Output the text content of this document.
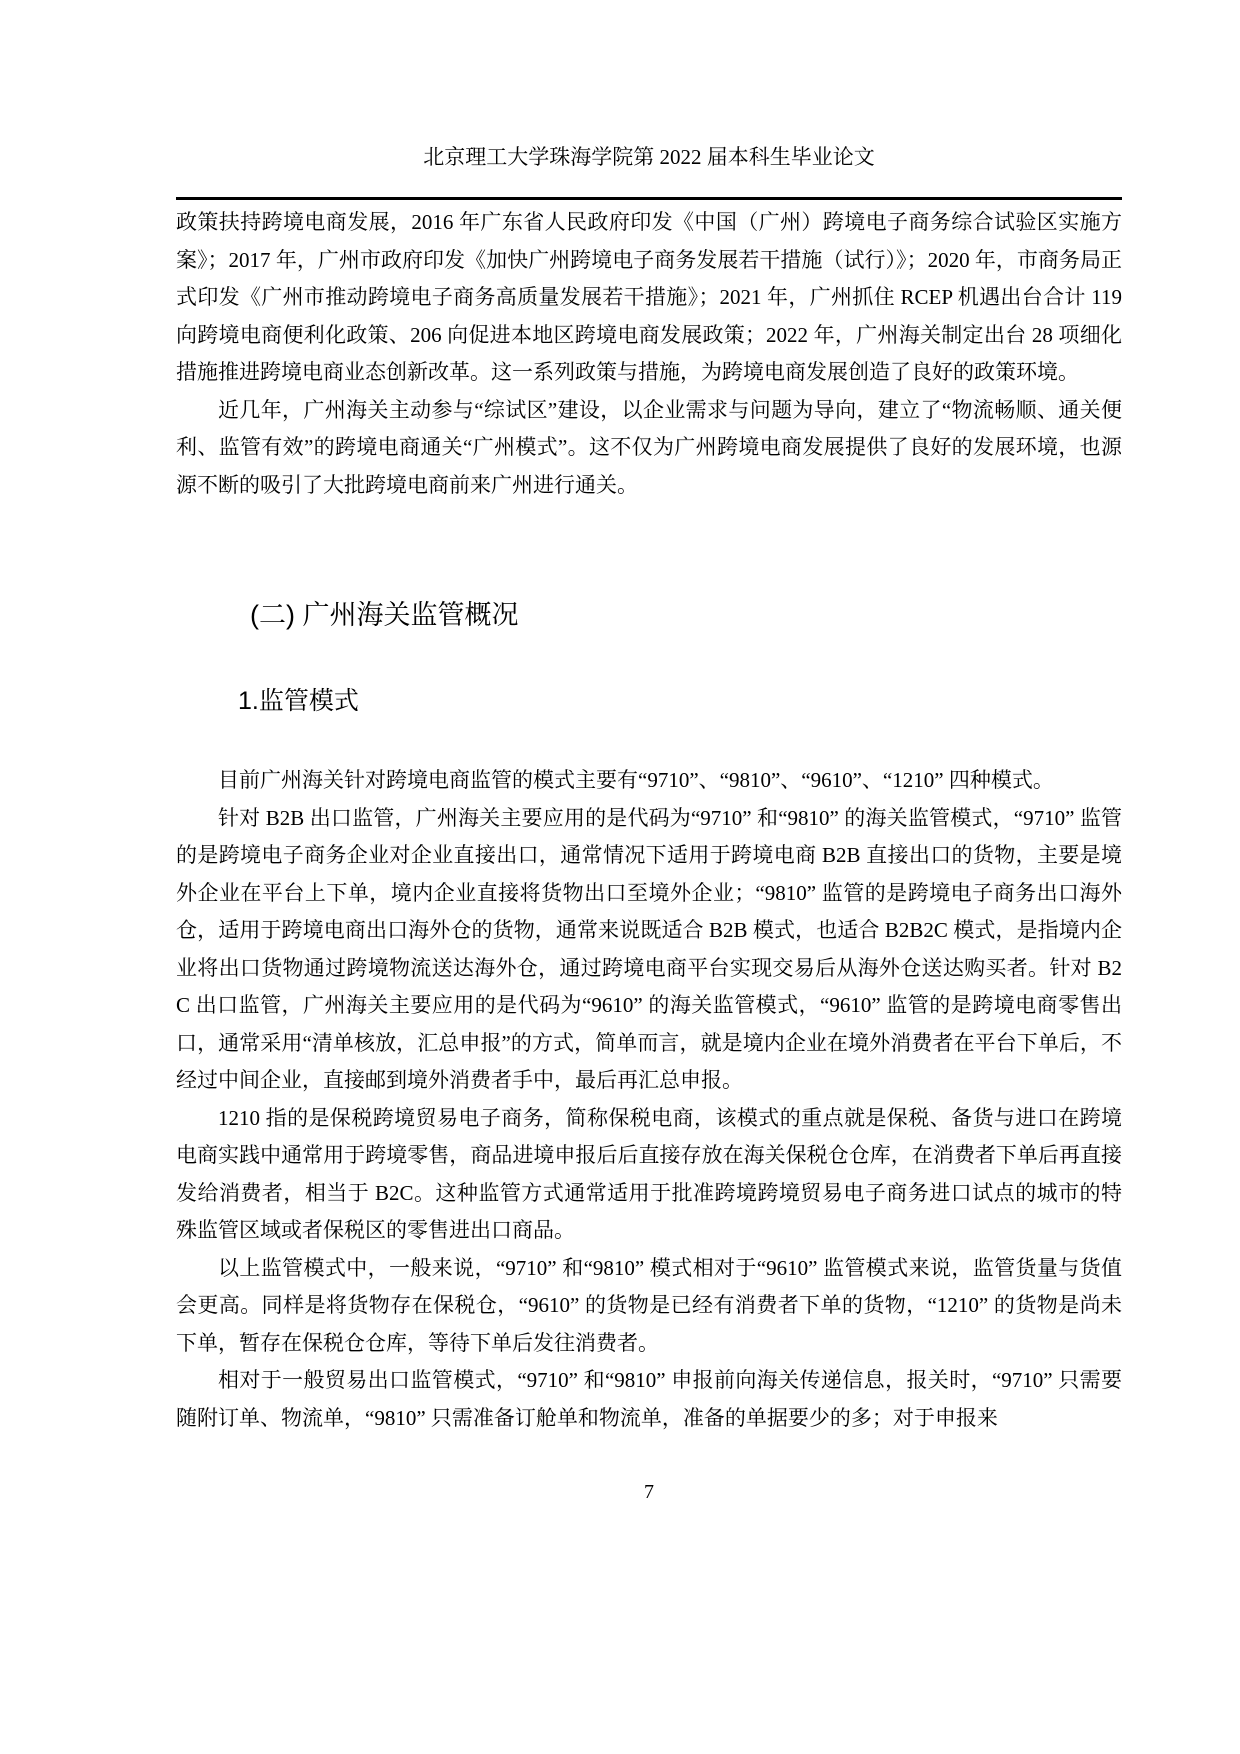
北京理工大学珠海学院第 2022 届本科生毕业论文

政策扶持跨境电商发展，2016 年广东省人民政府印发《中国（广州）跨境电子商务综合试验区实施方案》；2017 年，广州市政府印发《加快广州跨境电子商务发展若干措施（试行）》；2020 年，市商务局正式印发《广州市推动跨境电子商务高质量发展若干措施》；2021 年，广州抓住 RCEP 机遇出台合计 119 向跨境电商便利化政策、206 向促进本地区跨境电商发展政策；2022 年，广州海关制定出台 28 项细化措施推进跨境电商业态创新改革。这一系列政策与措施，为跨境电商发展创造了良好的政策环境。

近几年，广州海关主动参与“综试区”建设，以企业需求与问题为导向，建立了“物流畅顺、通关便利、监管有效”的跨境电商通关“广州模式”。这不仅为广州跨境电商发展提供了良好的发展环境，也源源不断的吸引了大批跨境电商前来广州进行通关。

(二) 广州海关监管概况
1.监管模式

目前广州海关针对跨境电商监管的模式主要有“9710”、“9810”、“9610”、“1210” 四种模式。

针对 B2B 出口监管，广州海关主要应用的是代码为“9710” 和“9810” 的海关监管模式，“9710” 监管的是跨境电子商务企业对企业直接出口，通常情况下适用于跨境电商 B2B 直接出口的货物，主要是境外企业在平台上下单，境内企业直接将货物出口至境外企业；“9810” 监管的是跨境电子商务出口海外仓，适用于跨境电商出口海外仓的货物，通常来说既适合 B2B 模式，也适合 B2B2C 模式，是指境内企业将出口货物通过跨境物流送达海外仓，通过跨境电商平台实现交易后从海外仓送达购买者。针对 B2C 出口监管，广州海关主要应用的是代码为“9610” 的海关监管模式，“9610” 监管的是跨境电商零售出口，通常采用“清单核放，汇总申报”的方式，简单而言，就是境内企业在境外消费者在平台下单后，不经过中间企业，直接邮到境外消费者手中，最后再汇总申报。

1210 指的是保税跨境贸易电子商务，简称保税电商，该模式的重点就是保税、备货与进口在跨境电商实践中通常用于跨境零售，商品进境申报后后直接存放在海关保税仓仓库，在消费者下单后再直接发给消费者，相当于 B2C。这种监管方式通常适用于批准跨境跨境贸易电子商务进口试点的城市的特殊监管区域或者保税区的零售进出口商品。

以上监管模式中，一般来说，“9710” 和“9810” 模式相对于“9610” 监管模式来说，监管货量与货值会更高。同样是将货物存在保税仓，“9610” 的货物是已经有消费者下单的货物，“1210” 的货物是尚未下单，暂存在保税仓仓库，等待下单后发往消费者。

相对于一般贸易出口监管模式，“9710” 和“9810” 申报前向海关传递信息，报关时，“9710” 只需要随附订单、物流单，“9810” 只需准备订舱单和物流单，准备的单据要少的多；对于申报来

7
